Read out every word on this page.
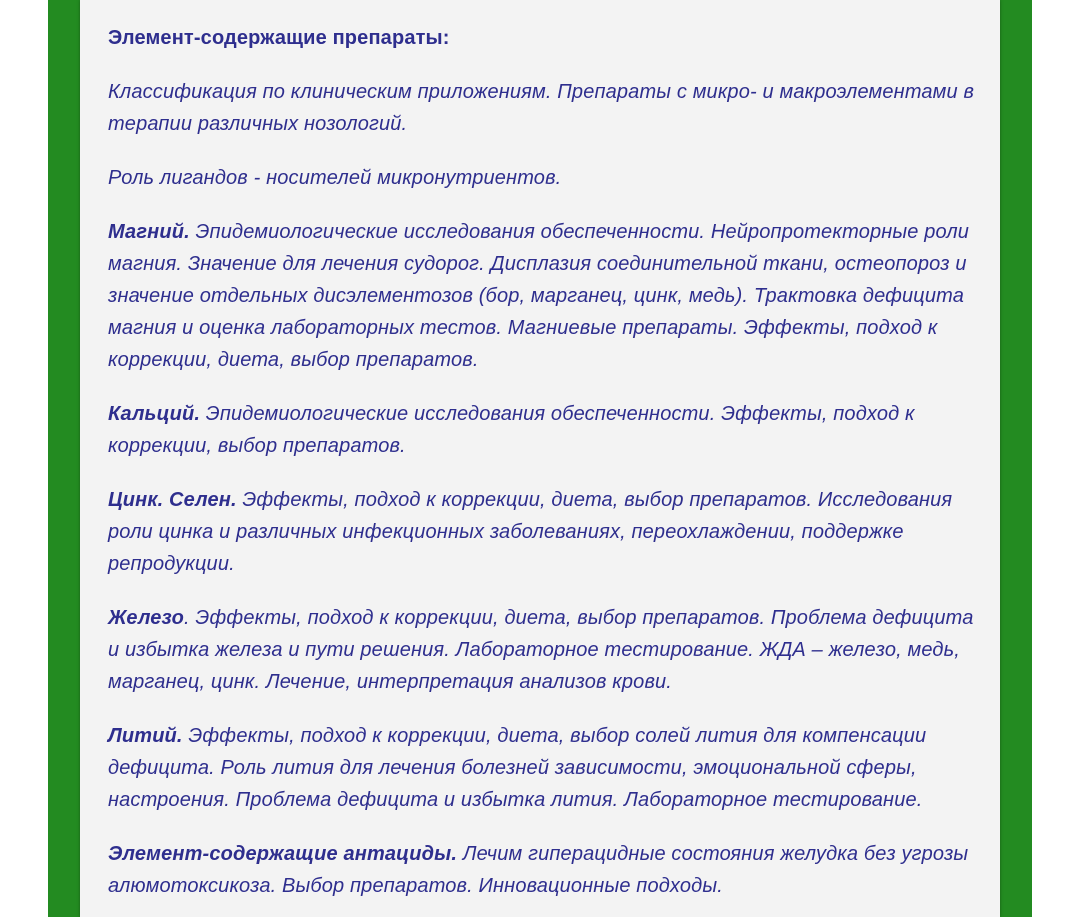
Элемент-содержащие препараты:

Классификация по клиническим приложениям. Препараты с микро- и макроэлементами в терапии различных нозологий.

Роль лигандов - носителей микронутриентов.

Магний. Эпидемиологические исследования обеспеченности. Нейропротекторные роли магния. Значение для лечения судорог. Дисплазия соединительной ткани, остеопороз и значение отдельных дисэлементозов (бор, марганец, цинк, медь). Трактовка дефицита магния и оценка лабораторных тестов. Магниевые препараты. Эффекты, подход к коррекции, диета, выбор препаратов.

Кальций. Эпидемиологические исследования обеспеченности. Эффекты, подход к коррекции, выбор препаратов.

Цинк. Селен. Эффекты, подход к коррекции, диета, выбор препаратов. Исследования роли цинка и различных инфекционных заболеваниях, переохлаждении, поддержке репродукции.

Железо. Эффекты, подход к коррекции, диета, выбор препаратов. Проблема дефицита и избытка железа и пути решения. Лабораторное тестирование. ЖДА – железо, медь, марганец, цинк. Лечение, интерпретация анализов крови.

Литий. Эффекты, подход к коррекции, диета, выбор солей лития для компенсации дефицита. Роль лития для лечения болезней зависимости, эмоциональной сферы, настроения. Проблема дефицита и избытка лития. Лабораторное тестирование.

Элемент-содержащие антациды. Лечим гиперацидные состояния желудка без угрозы алюмотоксикоза. Выбор препаратов. Инновационные подходы.
